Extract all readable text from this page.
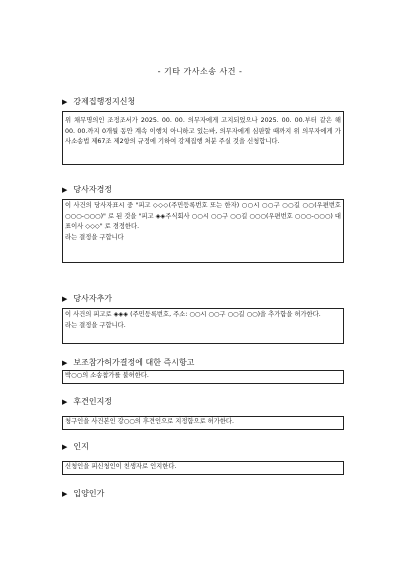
- 기타 가사소송 사건 -
▶ 강제집행정지신청

위 채무명의인 조정조서가 2025. 00. 00. 의무자에게 고지되었으나 2025. 00. 00.부터 같은 해 00. 00.까지 0개월 동안 계속 이행치 아니하고 있는바, 의무자에게 심판할 때까지 위 의무자에게 가사소송법 제67조 제2항의 규정에 기하여 강제집행 처분 주실 것을 신청합니다.

▶ 당사자경정

이 사건의 당사자표시 중 "피고 ◇◇◇(주민등록번호 또는 한자) ○○시 ○○구 ○○길 ○○(우편번호 ○○○-○○○)" 로 된 것을 "피고 ◈◈주식회사 ○○시 ○○구 ○○길 ○○○(우편번호 ○○○-○○○) 대표이사 ◇◇◇" 로 경정한다.

라는 결정을 구합니다

▶ 당사자추가

이 사건의 피고로 ◈◈◈ (주민등록번호, 주소: ○○시 ○○구 ○○길 ○○)을 추가함을 허가한다.

라는 결정을 구합니다.

▶ 보조참가허가결정에 대한 즉시항고

박○○의 소송참가를 불허한다.

▶ 후견인지정

청구인을 사건본인 강○○의 후견인으로 지정함으로 허가한다.

▶ 인지

신청인을 피신청인이 친생자로 인지한다.

▶ 입양인가
